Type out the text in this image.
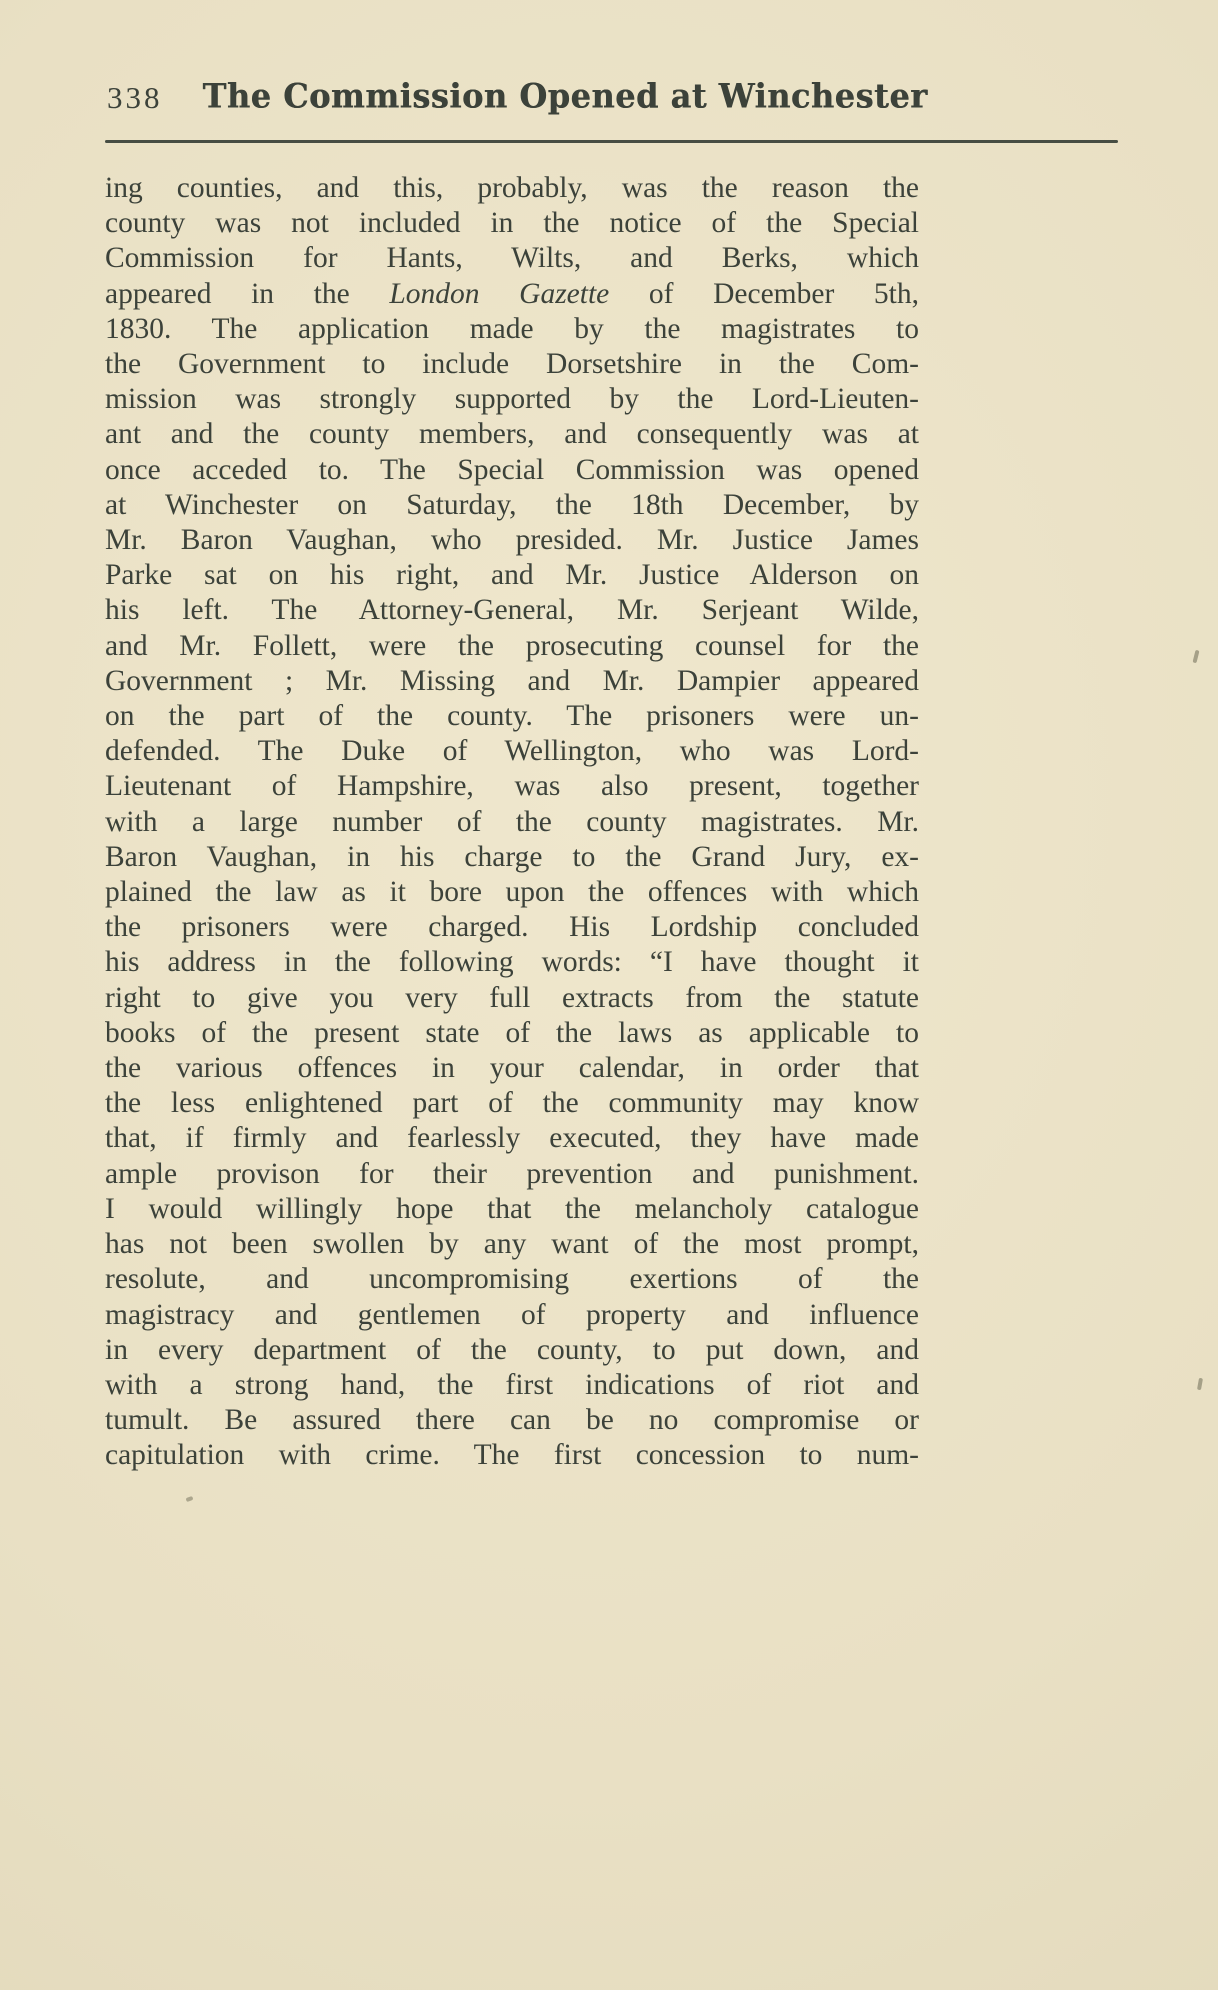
338 The Commission Opened at Winchester
ing counties, and this, probably, was the reason the
county was not included in the notice of the Special
Commission for Hants, Wilts, and Berks, which
appeared in the London Gazette of December 5th,
1830. The application made by the magistrates to
the Government to include Dorsetshire in the Com-
mission was strongly supported by the Lord-Lieuten-
ant and the county members, and consequently was at
once acceded to. The Special Commission was opened
at Winchester on Saturday, the 18th December, by
Mr. Baron Vaughan, who presided. Mr. Justice James
Parke sat on his right, and Mr. Justice Alderson on
his left. The Attorney-General, Mr. Serjeant Wilde,
and Mr. Follett, were the prosecuting counsel for the
Government ; Mr. Missing and Mr. Dampier appeared
on the part of the county. The prisoners were un-
defended. The Duke of Wellington, who was Lord-
Lieutenant of Hampshire, was also present, together
with a large number of the county magistrates. Mr.
Baron Vaughan, in his charge to the Grand Jury, ex-
plained the law as it bore upon the offences with which
the prisoners were charged. His Lordship concluded
his address in the following words: “I have thought it
right to give you very full extracts from the statute
books of the present state of the laws as applicable to
the various offences in your calendar, in order that
the less enlightened part of the community may know
that, if firmly and fearlessly executed, they have made
ample provison for their prevention and punishment.
I would willingly hope that the melancholy catalogue
has not been swollen by any want of the most prompt,
resolute, and uncompromising exertions of the
magistracy and gentlemen of property and influence
in every department of the county, to put down, and
with a strong hand, the first indications of riot and
tumult. Be assured there can be no compromise or
capitulation with crime. The first concession to num-
